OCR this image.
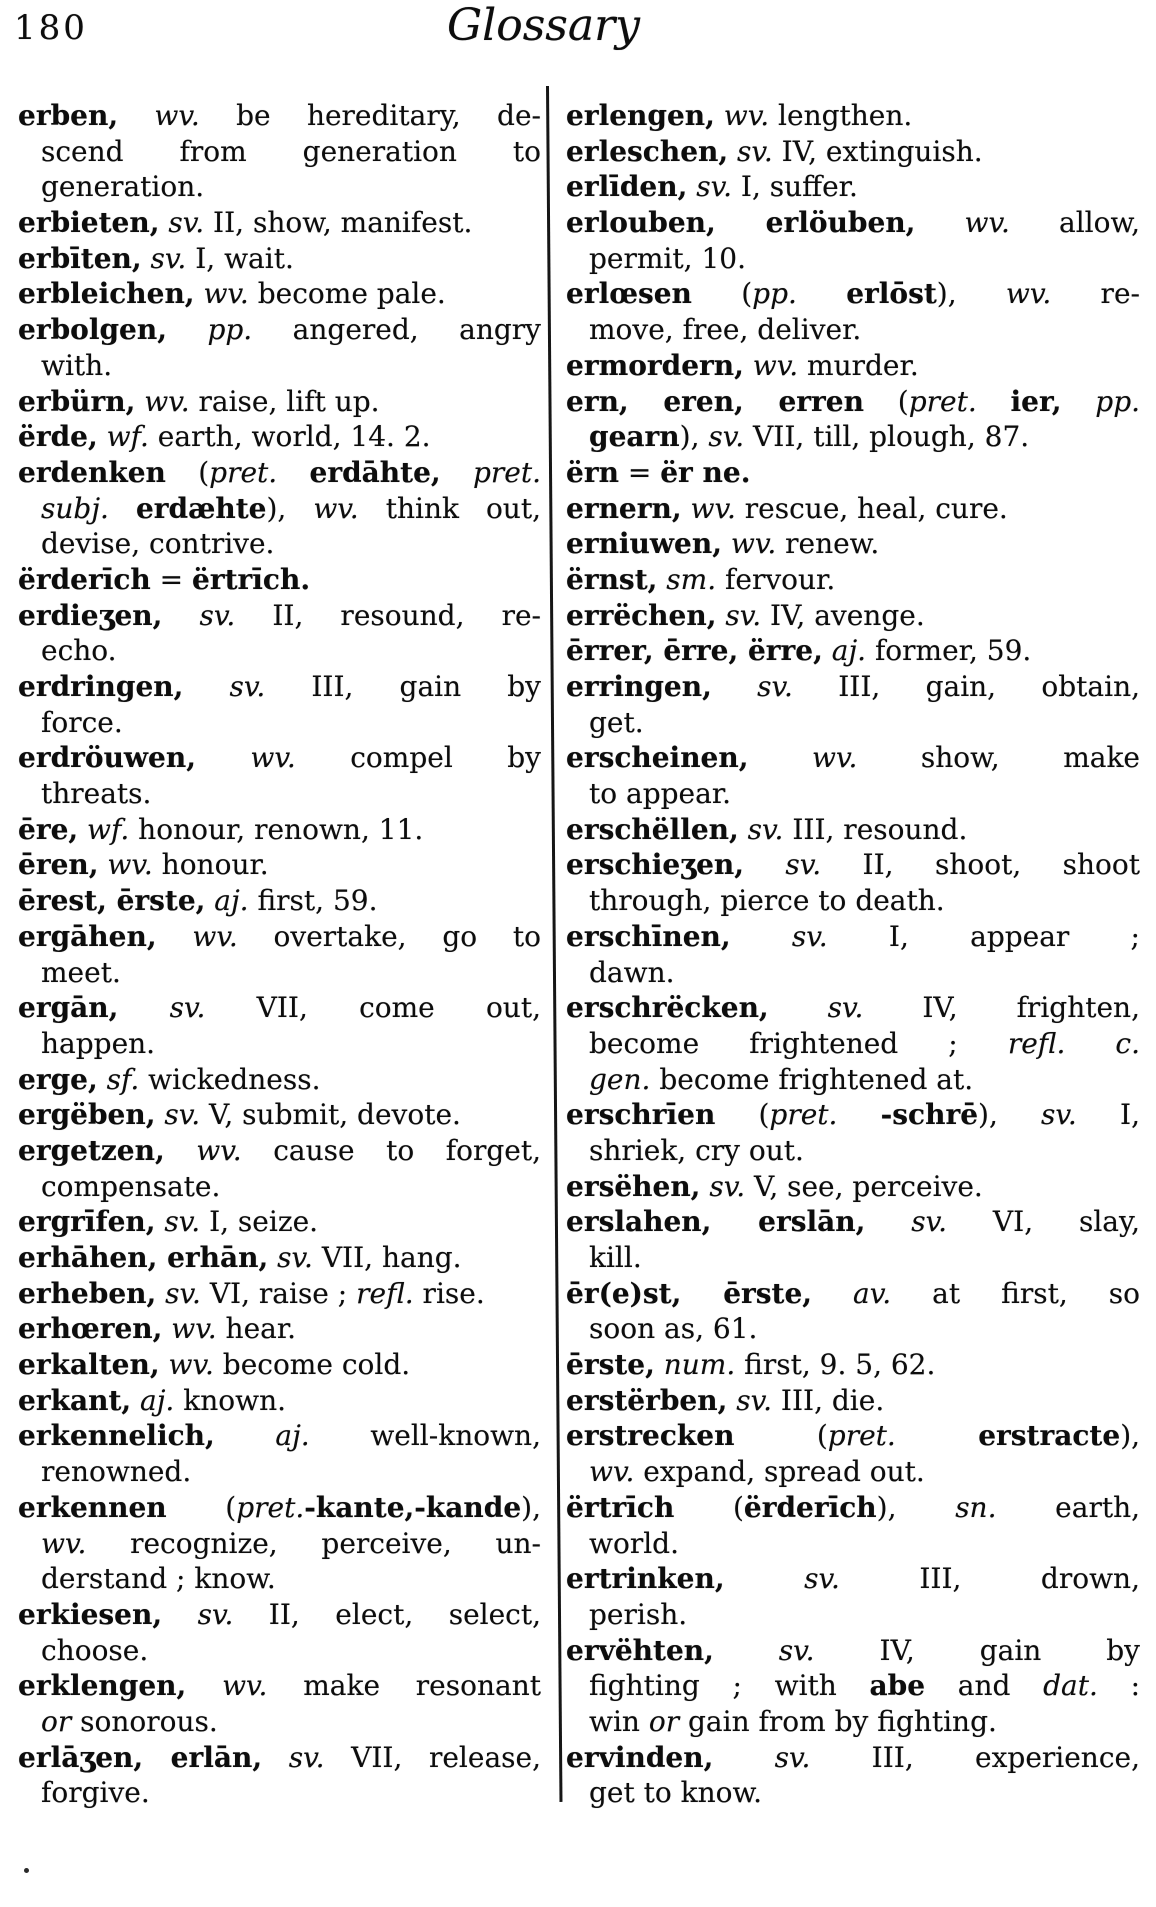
180	Glossary
erben, wv. be hereditary, de-
scend from generation to
generation.
erbieten, sv. II, show, manifest.
erbīten, sv. I, wait.
erbleichen, wv. become pale.
erbolgen, pp. angered, angry
with.
erbürn, wv. raise, lift up.
ërde, wf. earth, world, 14. 2.
erdenken (pret. erdāhte, pret.
subj. erdæhte), wv. think out,
devise, contrive.
ërderīch = ërtrīch.
erdieʒen, sv. II, resound, re-
echo.
erdringen, sv. III, gain by
force.
erdröuwen, wv. compel by
threats.
ēre, wf. honour, renown, 11.
ēren, wv. honour.
ērest, ērste, aj. first, 59.
ergāhen, wv. overtake, go to
meet.
ergān, sv. VII, come out,
happen.
erge, sf. wickedness.
ergëben, sv. V, submit, devote.
ergetzen, wv. cause to forget,
compensate.
ergrīfen, sv. I, seize.
erhāhen, erhān, sv. VII, hang.
erheben, sv. VI, raise ; refl. rise.
erhœren, wv. hear.
erkalten, wv. become cold.
erkant, aj. known.
erkennelich, aj. well-known,
renowned.
erkennen (pret.-kante,-kande),
wv. recognize, perceive, un-
derstand ; know.
erkiesen, sv. II, elect, select,
choose.
erklengen, wv. make resonant
or sonorous.
erlāʒen, erlān, sv. VII, release,
forgive.
erlengen, wv. lengthen.
erleschen, sv. IV, extinguish.
erlīden, sv. I, suffer.
erlouben, erlöuben, wv. allow,
permit, 10.
erlœsen (pp. erlōst), wv. re-
move, free, deliver.
ermordern, wv. murder.
ern, eren, erren (pret. ier, pp.
gearn), sv. VII, till, plough, 87.
ërn = ër ne.
ernern, wv. rescue, heal, cure.
erniuwen, wv. renew.
ërnst, sm. fervour.
errëchen, sv. IV, avenge.
ērrer, ērre, ërre, aj. former, 59.
erringen, sv. III, gain, obtain,
get.
erscheinen, wv. show, make
to appear.
erschëllen, sv. III, resound.
erschieʒen, sv. II, shoot, shoot
through, pierce to death.
erschīnen, sv. I, appear ;
dawn.
erschrëcken, sv. IV, frighten,
become frightened ; refl. c.
gen. become frightened at.
erschrīen (pret. -schrē), sv. I,
shriek, cry out.
ersëhen, sv. V, see, perceive.
erslahen, erslān, sv. VI, slay,
kill.
ēr(e)st, ērste, av. at first, so
soon as, 61.
ērste, num. first, 9. 5, 62.
erstërben, sv. III, die.
erstrecken (pret.	erstracte),
wv. expand, spread out.
ërtrīch (ërderīch), sn. earth,
world.
ertrinken, sv. III, drown,
perish.
ervëhten, sv. IV, gain by
fighting ; with abe and dat. :
win or gain from by fighting.
ervinden, sv. III, experience,
get to know.
